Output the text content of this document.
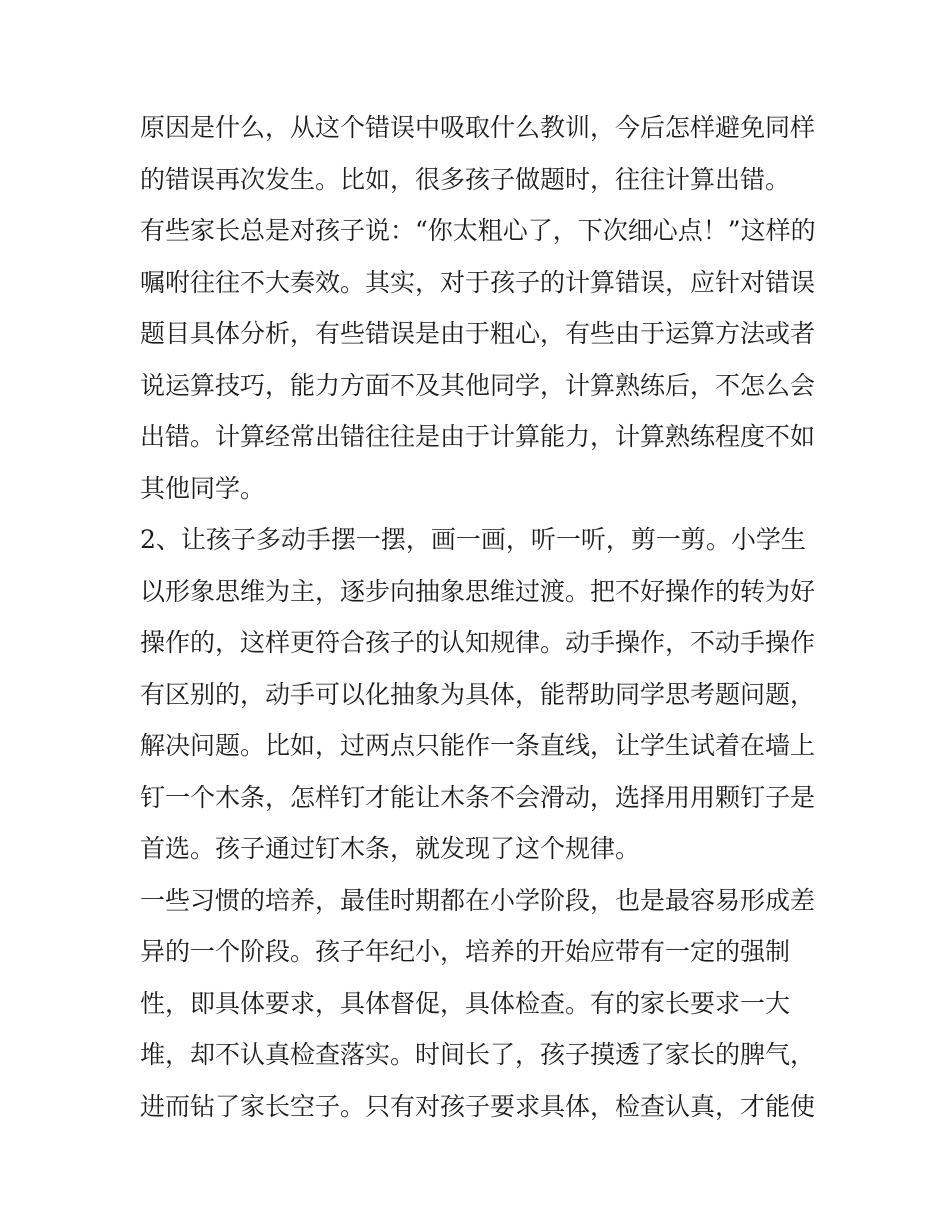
原因是什么，从这个错误中吸取什么教训，今后怎样避免同样
的错误再次发生。比如，很多孩子做题时，往往计算出错。
有些家长总是对孩子说：“你太粗心了，下次细心点！”这样的
嘱咐往往不大奏效。其实，对于孩子的计算错误，应针对错误
题目具体分析，有些错误是由于粗心，有些由于运算方法或者
说运算技巧，能力方面不及其他同学，计算熟练后，不怎么会
出错。计算经常出错往往是由于计算能力，计算熟练程度不如
其他同学。
2、让孩子多动手摆一摆，画一画，听一听，剪一剪。小学生
以形象思维为主，逐步向抽象思维过渡。把不好操作的转为好
操作的，这样更符合孩子的认知规律。动手操作，不动手操作
有区别的，动手可以化抽象为具体，能帮助同学思考题问题，
解决问题。比如，过两点只能作一条直线，让学生试着在墙上
钉一个木条，怎样钉才能让木条不会滑动，选择用用颗钉子是
首选。孩子通过钉木条，就发现了这个规律。
一些习惯的培养，最佳时期都在小学阶段，也是最容易形成差
异的一个阶段。孩子年纪小，培养的开始应带有一定的强制
性，即具体要求，具体督促，具体检查。有的家长要求一大
堆，却不认真检查落实。时间长了，孩子摸透了家长的脾气，
进而钻了家长空子。只有对孩子要求具体，检查认真，才能使
